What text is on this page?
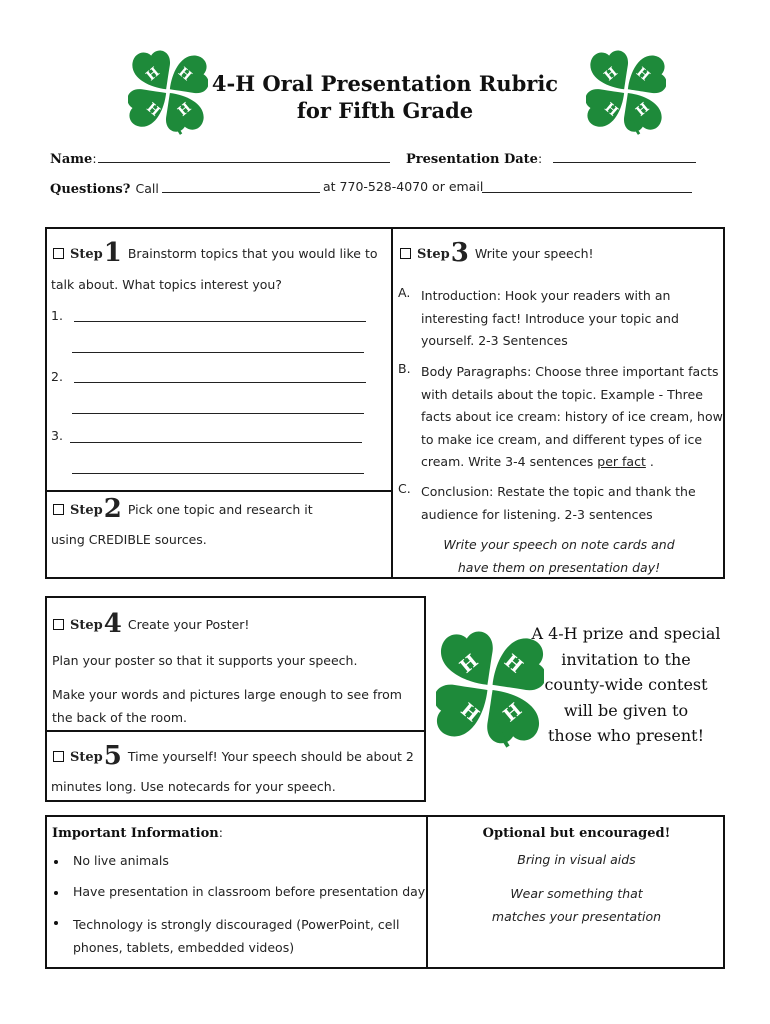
H H
H
H
H H
H
H
4-H Oral Presentation Rubric
for Fifth Grade
Name:	Presentation Date:
Questions? Call	at 770-528-4070 or email
Step1 Brainstorm topics that you would like to
talk about. What topics interest you?
1.
2.
3.
Step2 Pick one topic and research it
using CREDIBLE sources.
Step3 Write your speech!
A. Introduction: Hook your readers with an
interesting fact! Introduce your topic and
yourself. 2-3 Sentences
B. Body Paragraphs: Choose three important facts
with details about the topic. Example - Three
facts about ice cream: history of ice cream, how
to make ice cream, and different types of ice
cream. Write 3-4 sentences per fact .
C. Conclusion: Restate the topic and thank the
audience for listening. 2-3 sentences
Write your speech on note cards and
have them on presentation day!
Step4 Create your Poster!
Plan your poster so that it supports your speech.
Make your words and pictures large enough to see from
the back of the room.
Step5 Time yourself! Your speech should be about 2
minutes long. Use notecards for your speech.
H H
H
H
A 4-H prize and special
invitation to the
county-wide contest
will be given to
those who present!
Important Information:
No live animals
Have presentation in classroom before presentation day
Technology is strongly discouraged (PowerPoint, cell
phones, tablets, embedded videos)
Optional but encouraged!
Bring in visual aids
Wear something that
matches your presentation
